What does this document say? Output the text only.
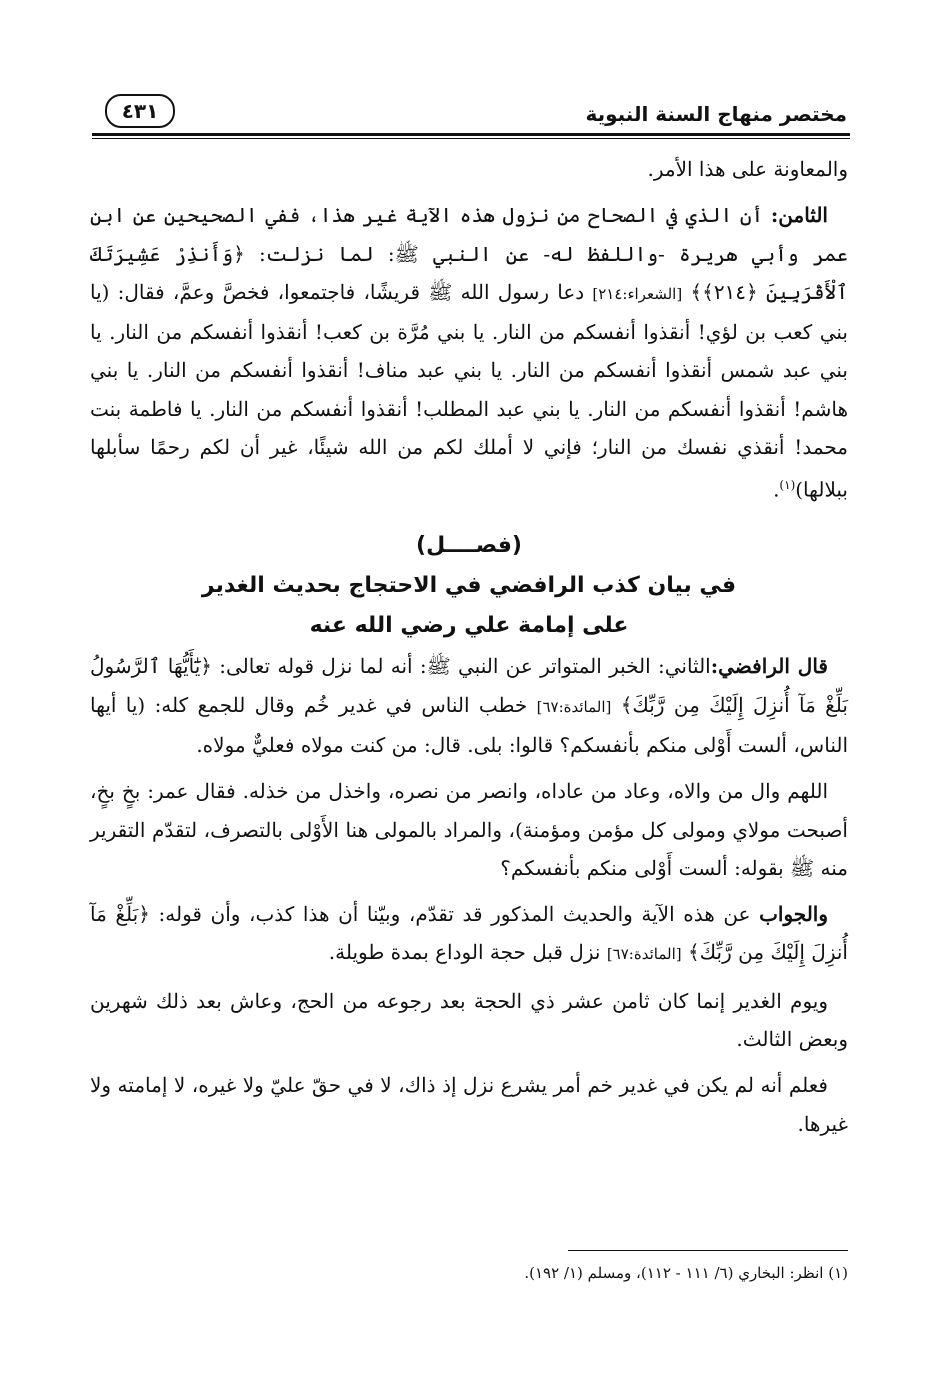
مختصر منهاج السنة النبوية
٤٣١

والمعاونة على هذا الأمر.

الثامن: أن الذي في الصحاح من نزول هذه الآية غير هذا، ففي الصحيحين عن ابن عمر وأبي هريرة -واللفظ له- عن النبي ﷺ: لما نزلت: ﴿وَأَنذِرْ عَشِيرَتَكَ ٱلْأَقْرَبِينَ ﴿٢١٤﴾﴾ [الشعراء:٢١٤] دعا رسول الله ﷺ قريشًا، فاجتمعوا، فخصَّ وعمَّ، فقال: (يا بني كعب بن لؤي! أنقذوا أنفسكم من النار. يا بني مُرَّة بن كعب! أنقذوا أنفسكم من النار. يا بني عبد شمس أنقذوا أنفسكم من النار. يا بني عبد مناف! أنقذوا أنفسكم من النار. يا بني هاشم! أنقذوا أنفسكم من النار. يا بني عبد المطلب! أنقذوا أنفسكم من النار. يا فاطمة بنت محمد! أنقذي نفسك من النار؛ فإني لا أملك لكم من الله شيئًا، غير أن لكم رحمًا سأبلها ببلالها)$^{(١)}$.

(فصــــل)
في بيان كذب الرافضي في الاحتجاج بحديث الغدير
على إمامة علي رضي الله عنه

قال الرافضي:الثاني: الخبر المتواتر عن النبي ﷺ: أنه لما نزل قوله تعالى: ﴿يَٰٓأَيُّهَا ٱلرَّسُولُ بَلِّغْ مَآ أُنزِلَ إِلَيْكَ مِن رَّبِّكَ﴾ [المائدة:٦٧] خطب الناس في غدير خُم وقال للجمع كله: (يا أيها الناس، ألست أَوْلى منكم بأنفسكم؟ قالوا: بلى. قال: من كنت مولاه فعليٌّ مولاه.

اللهم وال من والاه، وعاد من عاداه، وانصر من نصره، واخذل من خذله. فقال عمر: بخٍ بخٍ، أصبحت مولاي ومولى كل مؤمن ومؤمنة)، والمراد بالمولى هنا الأَوْلى بالتصرف، لتقدّم التقرير منه ﷺ بقوله: ألست أَوْلى منكم بأنفسكم؟

والجواب عن هذه الآية والحديث المذكور قد تقدّم، وبيّنا أن هذا كذب، وأن قوله: ﴿بَلِّغْ مَآ أُنزِلَ إِلَيْكَ مِن رَّبِّكَ﴾ [المائدة:٦٧] نزل قبل حجة الوداع بمدة طويلة.

ويوم الغدير إنما كان ثامن عشر ذي الحجة بعد رجوعه من الحج، وعاش بعد ذلك شهرين وبعض الثالث.

فعلم أنه لم يكن في غدير خم أمر يشرع نزل إذ ذاك، لا في حقّ عليّ ولا غيره، لا إمامته ولا غيرها.

(١) انظر: البخاري (٦/ ١١١ - ١١٢)، ومسلم (١/ ١٩٢).
